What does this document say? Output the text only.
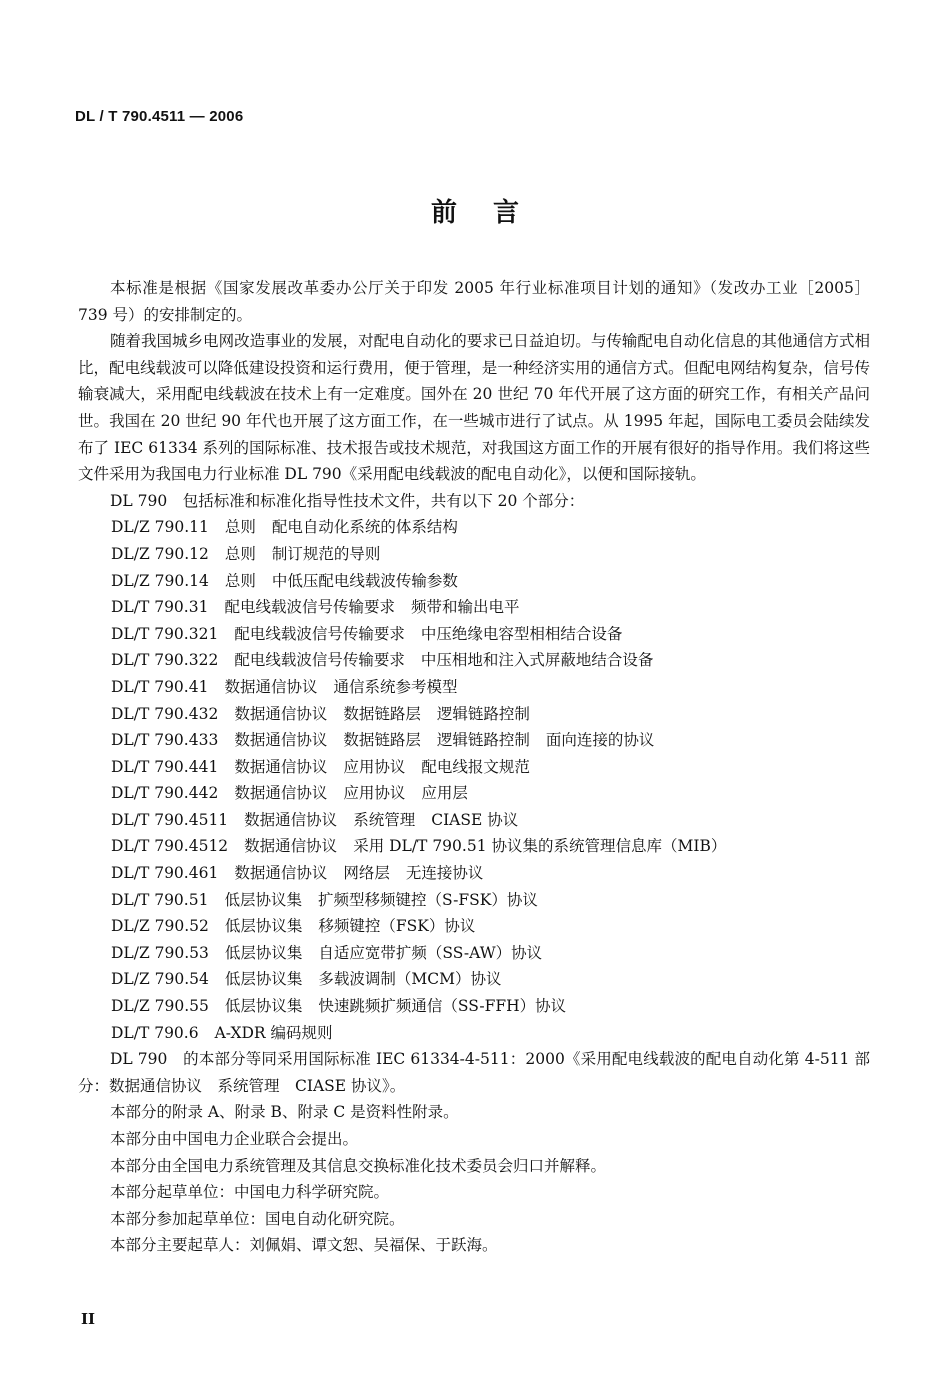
DL / T 790.4511 — 2006
前言

本标准是根据《国家发展改革委办公厅关于印发 2005 年行业标准项目计划的通知》（发改办工业［2005］739 号）的安排制定的。

随着我国城乡电网改造事业的发展，对配电自动化的要求已日益迫切。与传输配电自动化信息的其他通信方式相比，配电线载波可以降低建设投资和运行费用，便于管理，是一种经济实用的通信方式。但配电网结构复杂，信号传输衰减大，采用配电线载波在技术上有一定难度。国外在 20 世纪 70 年代开展了这方面的研究工作，有相关产品问世。我国在 20 世纪 90 年代也开展了这方面工作，在一些城市进行了试点。从 1995 年起，国际电工委员会陆续发布了 IEC 61334 系列的国际标准、技术报告或技术规范，对我国这方面工作的开展有很好的指导作用。我们将这些文件采用为我国电力行业标准 DL 790《采用配电线载波的配电自动化》，以便和国际接轨。

DL 790　包括标准和标准化指导性技术文件，共有以下 20 个部分：

DL/Z 790.11 总则 配电自动化系统的体系结构
DL/Z 790.12 总则 制订规范的导则
DL/Z 790.14 总则 中低压配电线载波传输参数
DL/T 790.31 配电线载波信号传输要求 频带和输出电平
DL/T 790.321 配电线载波信号传输要求 中压绝缘电容型相相结合设备
DL/T 790.322 配电线载波信号传输要求 中压相地和注入式屏蔽地结合设备
DL/T 790.41 数据通信协议 通信系统参考模型
DL/T 790.432 数据通信协议 数据链路层 逻辑链路控制
DL/T 790.433 数据通信协议 数据链路层 逻辑链路控制 面向连接的协议
DL/T 790.441 数据通信协议 应用协议 配电线报文规范
DL/T 790.442 数据通信协议 应用协议 应用层
DL/T 790.4511 数据通信协议 系统管理 CIASE 协议
DL/T 790.4512 数据通信协议 采用 DL/T 790.51 协议集的系统管理信息库（MIB）
DL/T 790.461 数据通信协议 网络层 无连接协议
DL/T 790.51 低层协议集 扩频型移频键控（S-FSK）协议
DL/Z 790.52 低层协议集 移频键控（FSK）协议
DL/Z 790.53 低层协议集 自适应宽带扩频（SS-AW）协议
DL/Z 790.54 低层协议集 多载波调制（MCM）协议
DL/Z 790.55 低层协议集 快速跳频扩频通信（SS-FFH）协议
DL/T 790.6 A-XDR 编码规则

DL 790　的本部分等同采用国际标准 IEC 61334-4-511：2000《采用配电线载波的配电自动化第 4-511 部分：数据通信协议　系统管理　CIASE 协议》。

本部分的附录 A、附录 B、附录 C 是资料性附录。

本部分由中国电力企业联合会提出。

本部分由全国电力系统管理及其信息交换标准化技术委员会归口并解释。

本部分起草单位：中国电力科学研究院。

本部分参加起草单位：国电自动化研究院。

本部分主要起草人：刘佩娟、谭文恕、吴福保、于跃海。

II
